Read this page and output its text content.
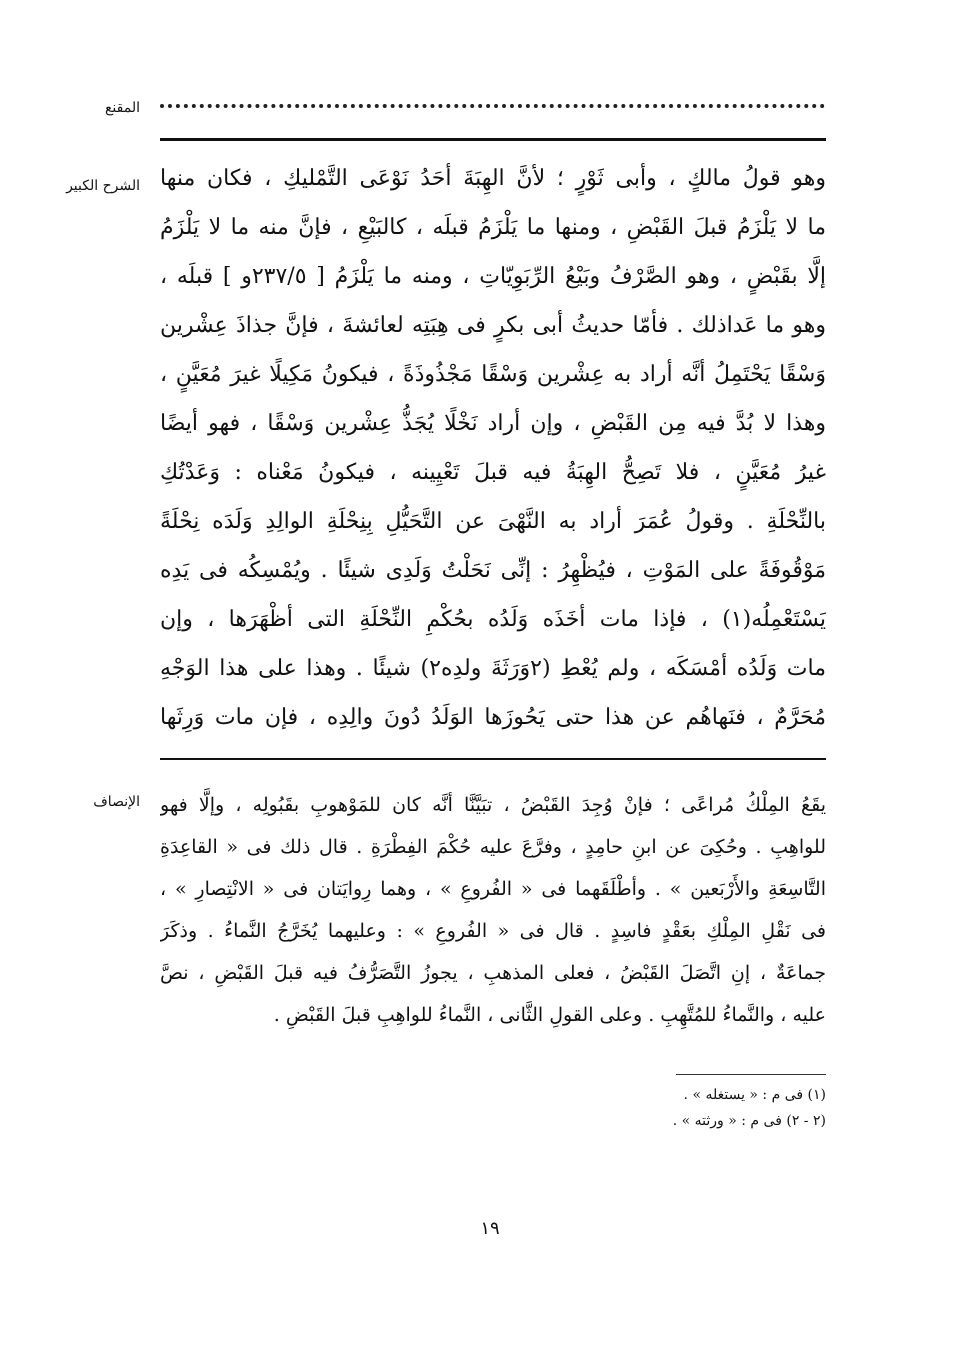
المقنع
الشرح الكبير وهو قولُ مالكٍ ، وأبى ثَوْرٍ ؛ لأنَّ الهِبَةَ أحَدُ نَوْعَى التَّمْليكِ ، فكان منها
ما لا يَلْزَمُ قبلَ القَبْضِ ، ومنها ما يَلْزَمُ قبلَه ، كالبَيْعِ ، فإنَّ منه ما لا يَلْزَمُ
إلَّا بقَبْضٍ ، وهو الصَّرْفُ وبَيْعُ الرِّبَوِيّاتِ ، ومنه ما يَلْزَمُ [ ٢٣٧/٥و ] قبلَه ،
وهو ما عَداذلك . فأمّا حديثُ أبى بكرٍ فى هِبَتِه لعائشةَ ، فإنَّ جذاذَ عِشْرين
وَسْقًا يَحْتَمِلُ أنَّه أراد به عِشْرين وَسْقًا مَجْذُوذَةً ، فيكونُ مَكِيلًا غيرَ مُعَيَّنٍ ،
وهذا لا بُدَّ فيه مِن القَبْضِ ، وإن أراد نَخْلًا يُجَذُّ عِشْرين وَسْقًا ، فهو أيضًا
غيرُ مُعَيَّنٍ ، فلا تَصِحُّ الهِبَةُ فيه قبلَ تَعْيِينه ، فيكونُ مَعْناه : وَعَدْتُكِ
بالنِّحْلَةِ . وقولُ عُمَرَ أراد به النَّهْىَ عن التَّحَيُّلِ بِنِحْلَةِ الوالِدِ وَلَدَه نِحْلَةً
مَوْقُوفَةً على المَوْتِ ، فيُظْهِرُ : إنِّى نَحَلْتُ وَلَدِى شيئًا . ويُمْسِكُه فى يَدِه
يَسْتَعْمِلُه(١) ، فإذا مات أخَذَه وَلَدُه بحُكْمِ النِّحْلَةِ التى أظْهَرَها ، وإن
مات وَلَدُه أمْسَكَه ، ولم يُعْطِ (٢وَرَثَةَ ولدِه٢) شيئًا . وهذا على هذا الوَجْهِ
مُحَرَّمٌ ، فنَهاهُم عن هذا حتى يَحُوزَها الوَلَدُ دُونَ والِدِه ، فإن مات وَرِثَها
الإنصاف يقَعُ المِلْكُ مُراعًى ؛ فإنْ وُجِدَ القَبْضُ ، تبَيَّنَّا أنَّه كان للمَوْهوبِ بقَبُولِه ، وإلَّا فهو
للواهِبِ . وحُكِىَ عن ابنِ حامِدٍ ، وفرَّعَ عليه حُكْمَ الفِطْرَةِ . قال ذلك فى « القاعِدَةِ
التَّاسِعَةِ والأَرْبَعين » . وأطْلَقَهما فى « الفُروعِ » ، وهما رِوايَتان فى « الانْتِصارِ » ،
فى نَقْلِ المِلْكِ بعَقْدٍ فاسِدٍ . قال فى « الفُروعِ » : وعليهما يُخَرَّجُ النَّماءُ . وذكَرَ
جماعَةٌ ، إنِ اتَّصَلَ القَبْضُ ، فعلى المذهبِ ، يجوزُ التَّصَرُّفُ فيه قبلَ القَبْضِ ، نصَّ
عليه ، والنَّماءُ للمُتَّهِبِ . وعلى القولِ الثَّانى ، النَّماءُ للواهِبِ قبلَ القَبْضِ .
(١) فى م : « يستغله » .
(٢ - ٢) فى م : « ورثته » .
١٩
